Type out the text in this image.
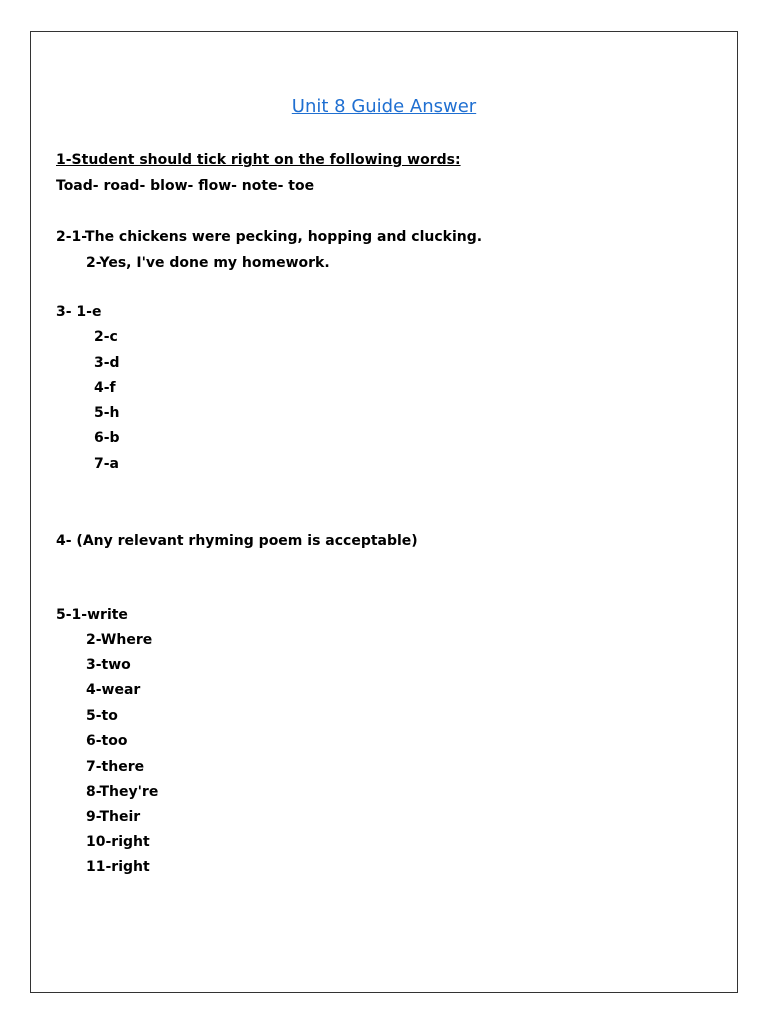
Unit 8 Guide Answer
1-Student should tick right on the following words:
Toad- road- blow- flow- note- toe
2-1-The chickens were pecking, hopping and clucking.
2-Yes, I've done my homework.
3- 1-e
2-c
3-d
4-f
5-h
6-b
7-a
4- (Any relevant rhyming poem is acceptable)
5-1-write
2-Where
3-two
4-wear
5-to
6-too
7-there
8-They're
9-Their
10-right
11-right
